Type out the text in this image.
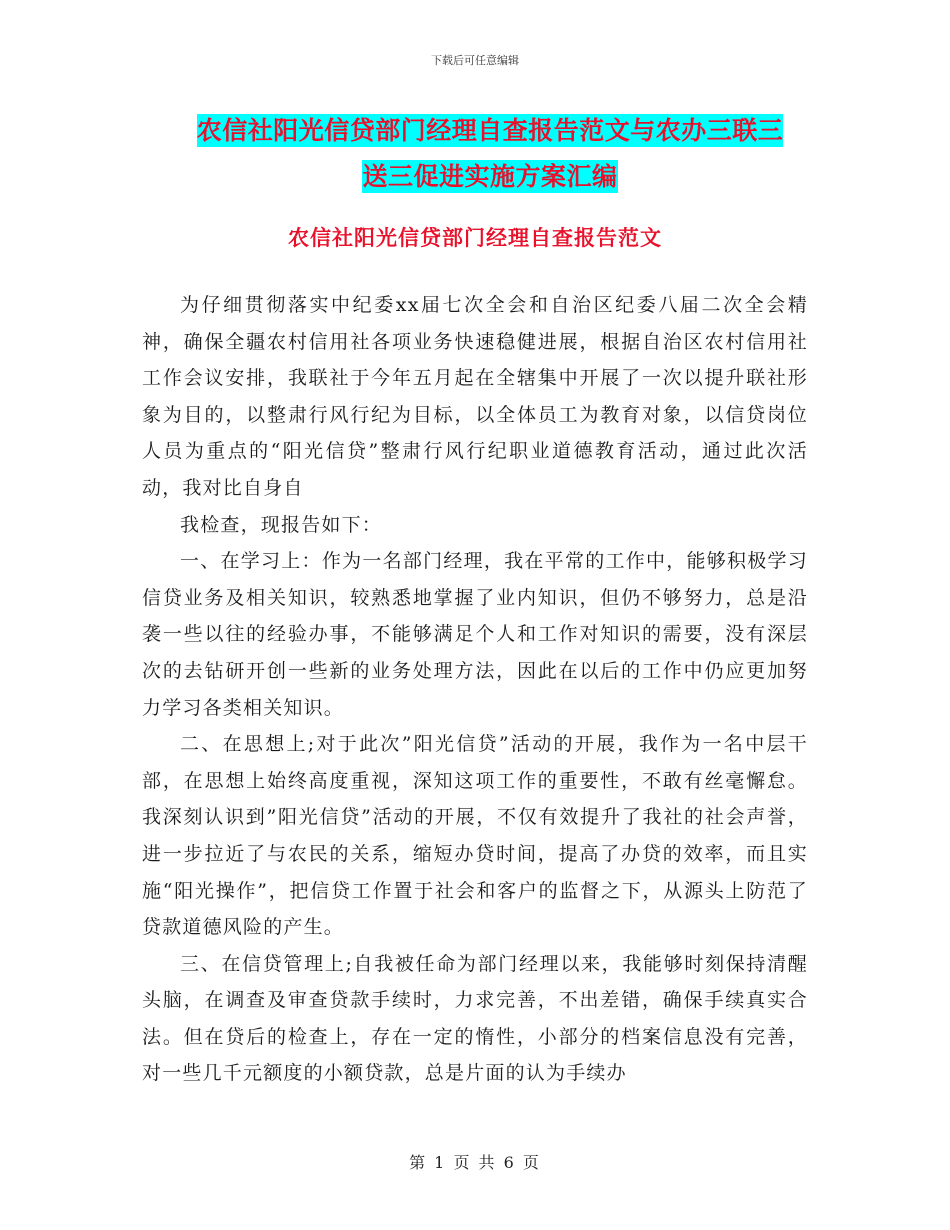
下载后可任意编辑
农信社阳光信贷部门经理自查报告范文与农办三联三
送三促进实施方案汇编
农信社阳光信贷部门经理自查报告范文

为仔细贯彻落实中纪委xx届七次全会和自治区纪委八届二次全会精神，确保全疆农村信用社各项业务快速稳健进展，根据自治区农村信用社工作会议安排，我联社于今年五月起在全辖集中开展了一次以提升联社形象为目的，以整肃行风行纪为目标，以全体员工为教育对象，以信贷岗位人员为重点的“阳光信贷”整肃行风行纪职业道德教育活动，通过此次活动，我对比自身自

我检查，现报告如下：

一、在学习上：作为一名部门经理，我在平常的工作中，能够积极学习信贷业务及相关知识，较熟悉地掌握了业内知识，但仍不够努力，总是沿袭一些以往的经验办事，不能够满足个人和工作对知识的需要，没有深层次的去钻研开创一些新的业务处理方法，因此在以后的工作中仍应更加努力学习各类相关知识。

二、在思想上;对于此次”阳光信贷”活动的开展，我作为一名中层干部，在思想上始终高度重视，深知这项工作的重要性，不敢有丝毫懈怠。我深刻认识到”阳光信贷”活动的开展，不仅有效提升了我社的社会声誉，进一步拉近了与农民的关系，缩短办贷时间，提高了办贷的效率，而且实施“阳光操作”，把信贷工作置于社会和客户的监督之下，从源头上防范了贷款道德风险的产生。

三、在信贷管理上;自我被任命为部门经理以来，我能够时刻保持清醒头脑，在调查及审查贷款手续时，力求完善，不出差错，确保手续真实合法。但在贷后的检查上，存在一定的惰性，小部分的档案信息没有完善，对一些几千元额度的小额贷款，总是片面的认为手续办

第 1 页 共 6 页
